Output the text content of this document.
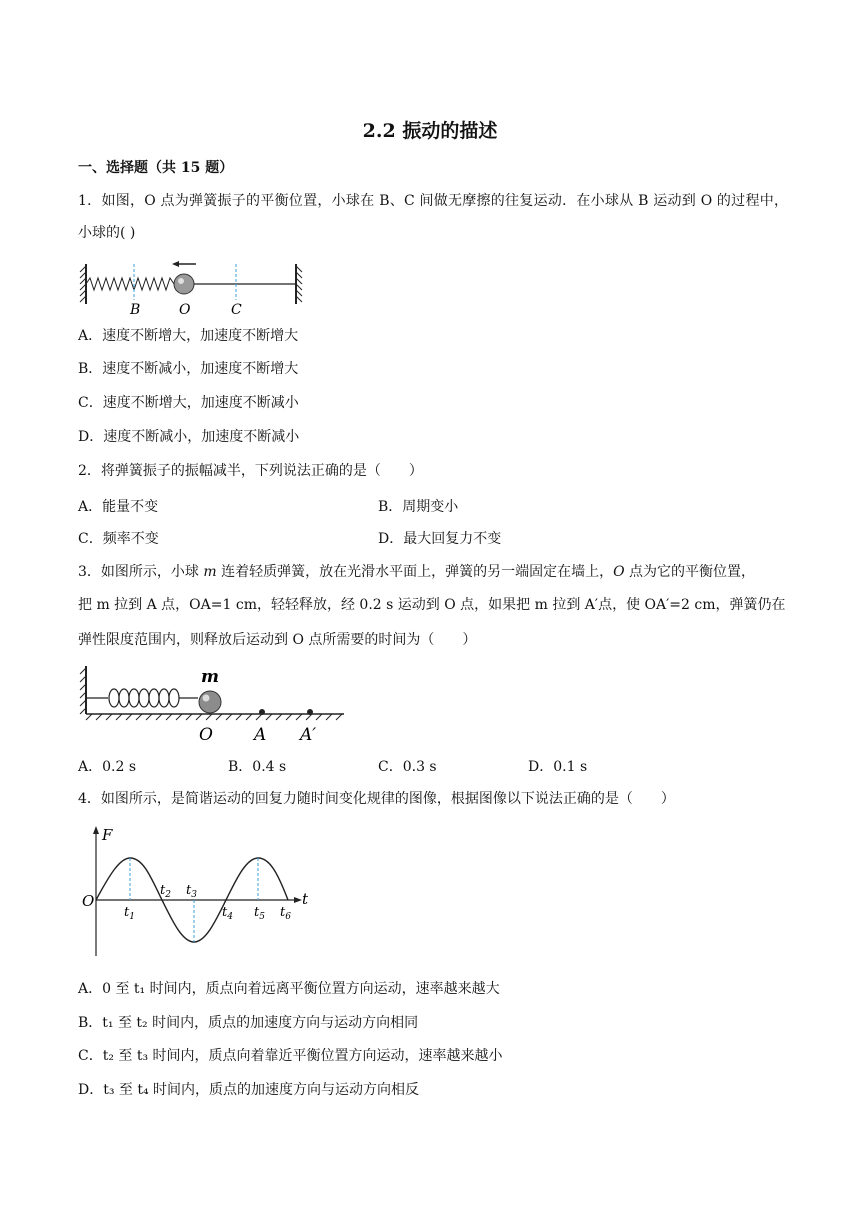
2.2 振动的描述
一、选择题（共 15 题）
1．如图，O 点为弹簧振子的平衡位置，小球在 B、C 间做无摩擦的往复运动．在小球从 B 运动到 O 的过程中，小球的( )
B	O	C
A．速度不断增大，加速度不断增大
B．速度不断减小，加速度不断增大
C．速度不断增大，加速度不断减小
D．速度不断减小，加速度不断减小
2．将弹簧振子的振幅减半，下列说法正确的是（　　）
A．能量不变	B．周期变小
C．频率不变	D．最大回复力不变
3．如图所示，小球 m 连着轻质弹簧，放在光滑水平面上，弹簧的另一端固定在墙上，O 点为它的平衡位置，
把 m 拉到 A 点，OA=1 cm，轻轻释放，经 0.2 s 运动到 O 点，如果把 m 拉到 A′点，使 OA′=2 cm，弹簧仍在
弹性限度范围内，则释放后运动到 O 点所需要的时间为（　　）
m
O A A′
A．0.2 s	B．0.4 s	C．0.3 s	D．0.1 s
4．如图所示，是简谐运动的回复力随时间变化规律的图像，根据图像以下说法正确的是（　　）
F
t
O
$t_1$
$t_2$ $t_3$
$t_4$ $t_5$ $t_6$
A．0 至 t₁ 时间内，质点向着远离平衡位置方向运动，速率越来越大
B．t₁ 至 t₂ 时间内，质点的加速度方向与运动方向相同
C．t₂ 至 t₃ 时间内，质点向着靠近平衡位置方向运动，速率越来越小
D．t₃ 至 t₄ 时间内，质点的加速度方向与运动方向相反
